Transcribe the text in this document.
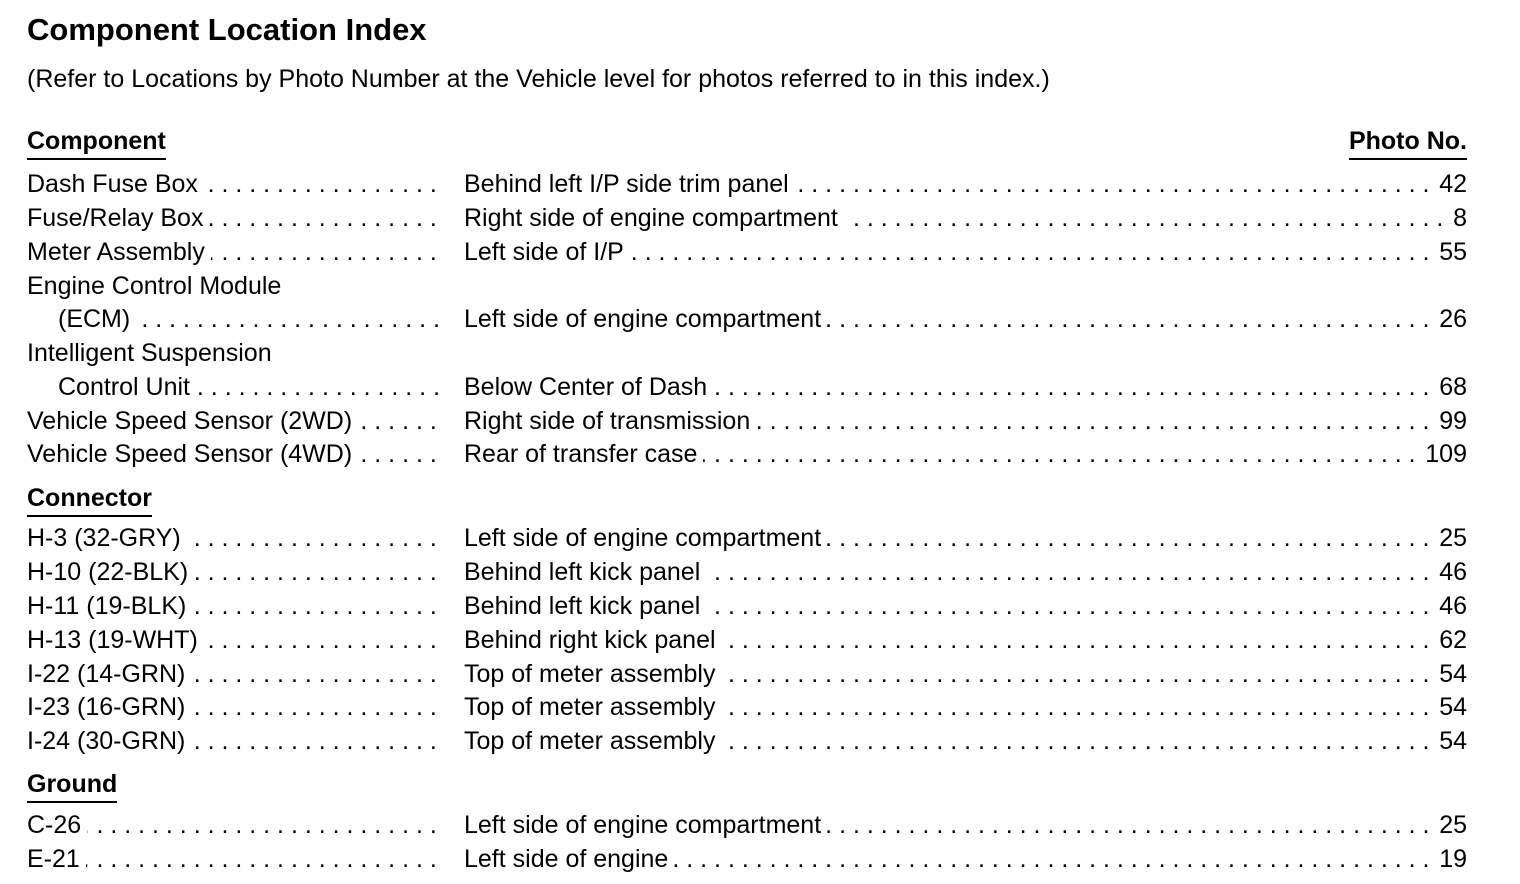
Component Location Index
(Refer to Locations by Photo Number at the Vehicle level for photos referred to in this index.)
Component	Photo No.
. . .
Dash Fuse Box . . .	Behind left I/P side trim panel	42
. . .
Fuse/Relay Box . . .	Right side of engine compartment	8
. . .
Meter Assembly . . .	Left side of I/P	55
Engine Control Module
. . .
(ECM) . . .	Left side of engine compartment	26
Intelligent Suspension
. . .
Control Unit . . .	Below Center of Dash	68
. . .
Vehicle Speed Sensor (2WD) . . .	Right side of transmission	99
. . .
Vehicle Speed Sensor (4WD) . . .	Rear of transfer case	109
Connector
. . .
H-3 (32-GRY) . . .	Left side of engine compartment	25
. . .
H-10 (22-BLK) . . .	Behind left kick panel	46
. . .
H-11 (19-BLK) . . .	Behind left kick panel	46
. . .
H-13 (19-WHT) . . .	Behind right kick panel	62
. . .
I-22 (14-GRN) . . .	Top of meter assembly	54
. . .
I-23 (16-GRN) . . .	Top of meter assembly	54
. . .
I-24 (30-GRN) . . .	Top of meter assembly	54
Ground
. . .
C-26 . . .	Left side of engine compartment	25
. . .
E-21 . . .	Left side of engine	19
